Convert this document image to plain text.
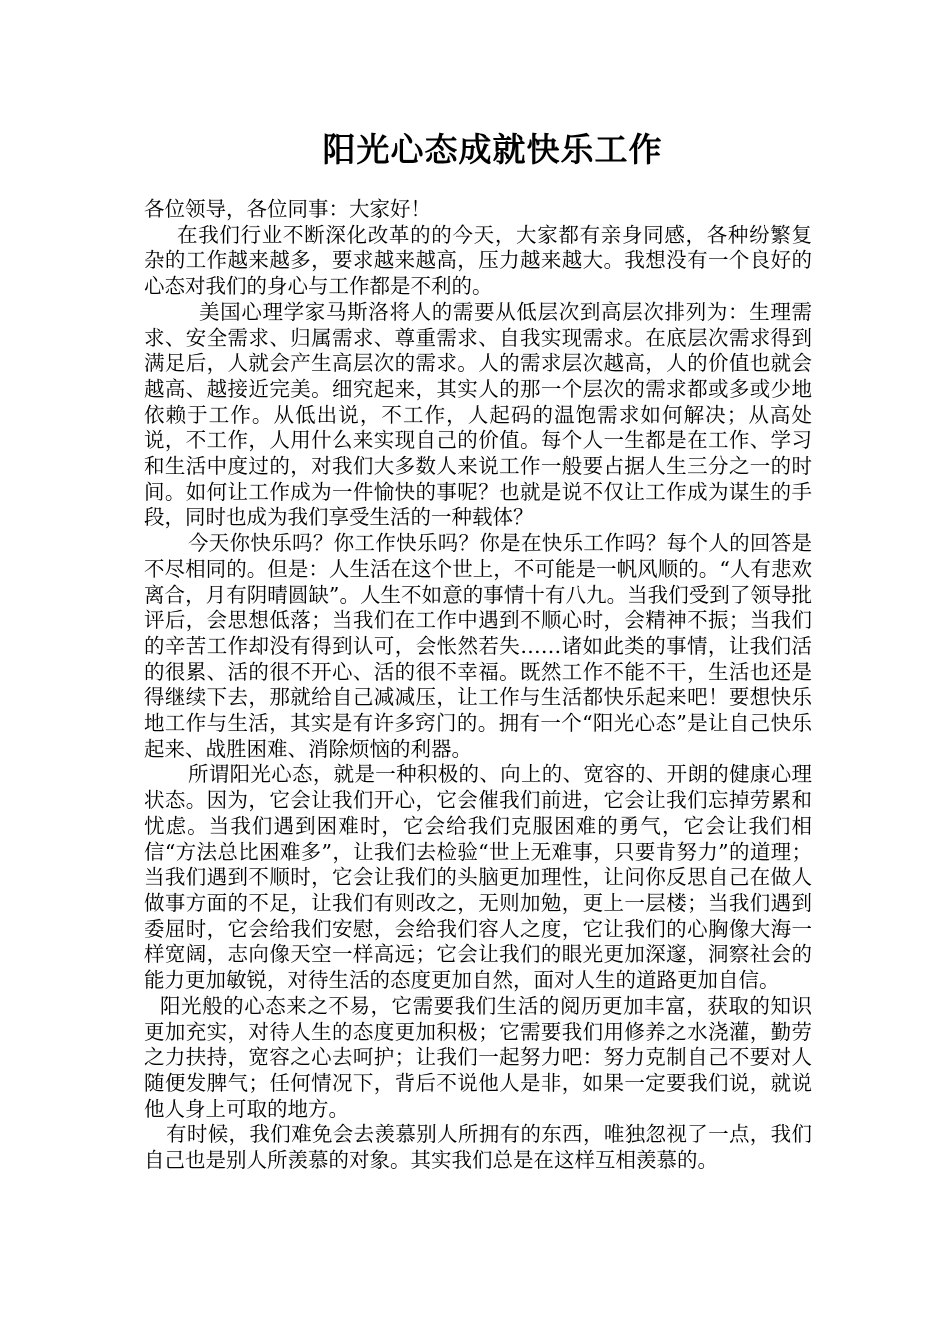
阳光心态成就快乐工作

各位领导，各位同事：大家好！

在我们行业不断深化改革的的今天，大家都有亲身同感，各种纷繁复杂的工作越来越多，要求越来越高，压力越来越大。我想没有一个良好的心态对我们的身心与工作都是不利的。

美国心理学家马斯洛将人的需要从低层次到高层次排列为：生理需求、安全需求、归属需求、尊重需求、自我实现需求。在底层次需求得到满足后，人就会产生高层次的需求。人的需求层次越高，人的价值也就会越高、越接近完美。细究起来，其实人的那一个层次的需求都或多或少地依赖于工作。从低出说，不工作，人起码的温饱需求如何解决；从高处说，不工作，人用什么来实现自己的价值。每个人一生都是在工作、学习和生活中度过的，对我们大多数人来说工作一般要占据人生三分之一的时间。如何让工作成为一件愉快的事呢？也就是说不仅让工作成为谋生的手段，同时也成为我们享受生活的一种载体？

今天你快乐吗？你工作快乐吗？你是在快乐工作吗？每个人的回答是不尽相同的。但是：人生活在这个世上，不可能是一帆风顺的。“人有悲欢离合，月有阴晴圆缺”。人生不如意的事情十有八九。当我们受到了领导批评后，会思想低落；当我们在工作中遇到不顺心时，会精神不振；当我们的辛苦工作却没有得到认可，会怅然若失……诸如此类的事情，让我们活的很累、活的很不开心、活的很不幸福。既然工作不能不干，生活也还是得继续下去，那就给自己减减压，让工作与生活都快乐起来吧！要想快乐地工作与生活，其实是有许多窍门的。拥有一个“阳光心态”是让自己快乐起来、战胜困难、消除烦恼的利器。

所谓阳光心态，就是一种积极的、向上的、宽容的、开朗的健康心理状态。因为，它会让我们开心，它会催我们前进，它会让我们忘掉劳累和忧虑。当我们遇到困难时，它会给我们克服困难的勇气，它会让我们相信“方法总比困难多”，让我们去检验“世上无难事，只要肯努力”的道理；当我们遇到不顺时，它会让我们的头脑更加理性，让问你反思自己在做人做事方面的不足，让我们有则改之，无则加勉，更上一层楼；当我们遇到委屈时，它会给我们安慰，会给我们容人之度，它让我们的心胸像大海一样宽阔，志向像天空一样高远；它会让我们的眼光更加深邃，洞察社会的能力更加敏锐，对待生活的态度更加自然，面对人生的道路更加自信。

阳光般的心态来之不易，它需要我们生活的阅历更加丰富，获取的知识更加充实，对待人生的态度更加积极；它需要我们用修养之水浇灌，勤劳之力扶持，宽容之心去呵护；让我们一起努力吧：努力克制自己不要对人随便发脾气；任何情况下，背后不说他人是非，如果一定要我们说，就说他人身上可取的地方。

有时候，我们难免会去羡慕别人所拥有的东西，唯独忽视了一点，我们自己也是别人所羡慕的对象。其实我们总是在这样互相羡慕的。
